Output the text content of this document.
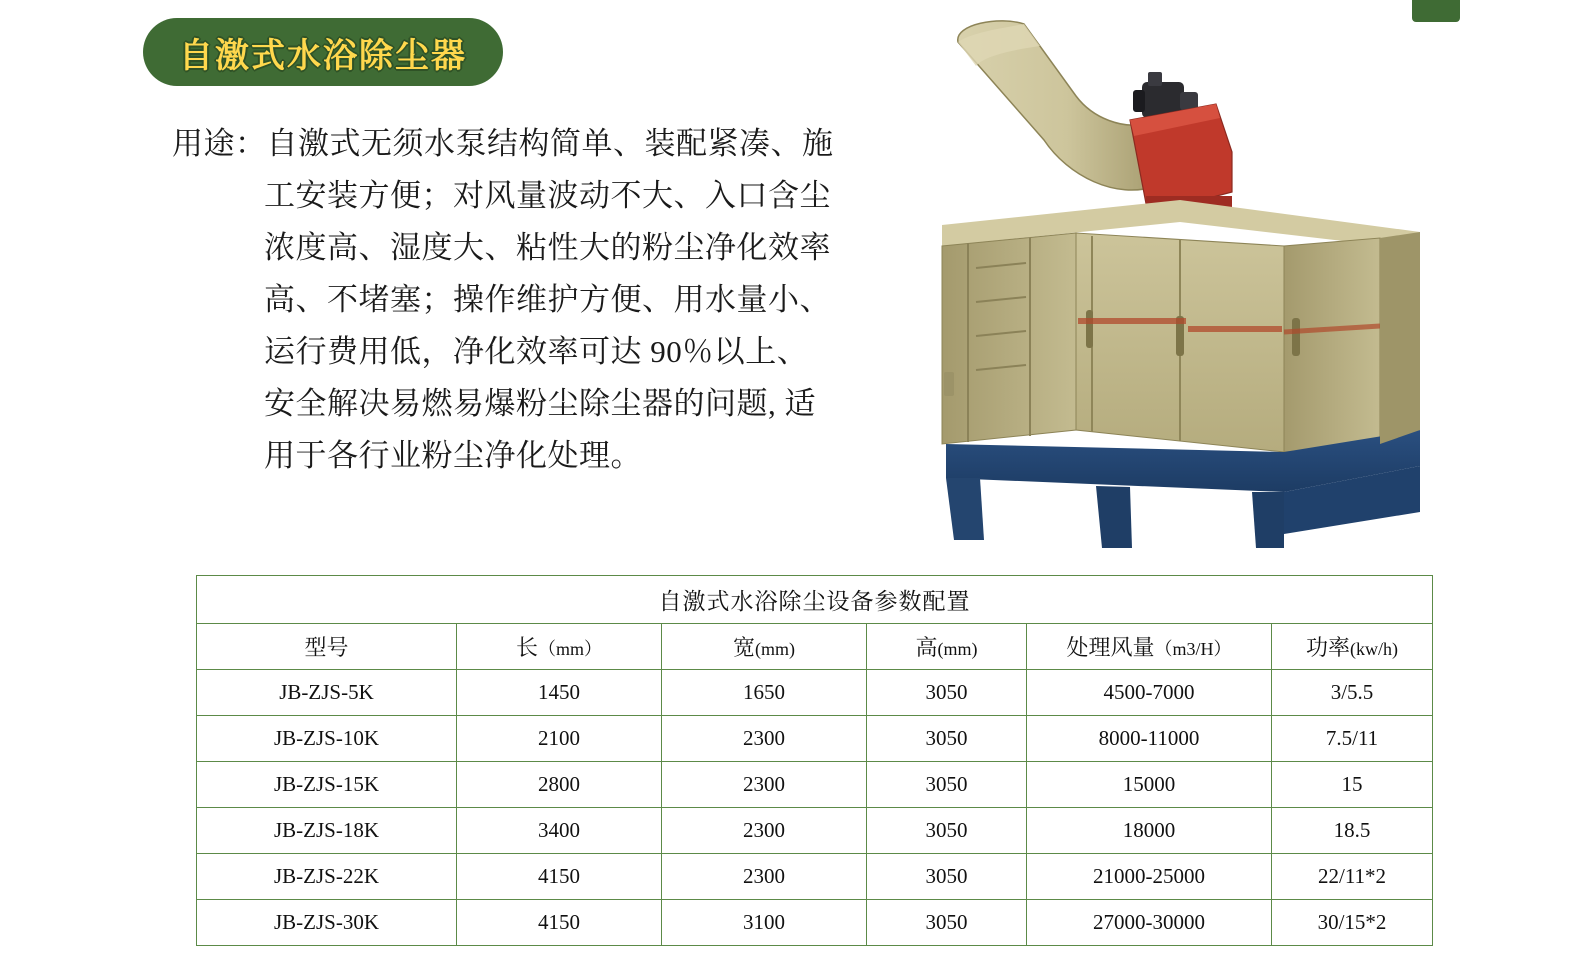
自激式水浴除尘器
用途：自激式无须水泵结构简单、装配紧凑、施
工安装方便；对风量波动不大、入口含尘
浓度高、湿度大、粘性大的粉尘净化效率
高、不堵塞；操作维护方便、用水量小、
运行费用低，净化效率可达 90％以上、
安全解决易燃易爆粉尘除尘器的问题, 适
用于各行业粉尘净化处理。
自激式水浴除尘设备参数配置					
型号	长（mm）	宽(mm)	高(mm)	处理风量（m3/H）	功率(kw/h)
JB-ZJS-5K	1450	1650	3050	4500-7000	3/5.5
JB-ZJS-10K	2100	2300	3050	8000-11000	7.5/11
JB-ZJS-15K	2800	2300	3050	15000	15
JB-ZJS-18K	3400	2300	3050	18000	18.5
JB-ZJS-22K	4150	2300	3050	21000-25000	22/11*2
JB-ZJS-30K	4150	3100	3050	27000-30000	30/15*2
